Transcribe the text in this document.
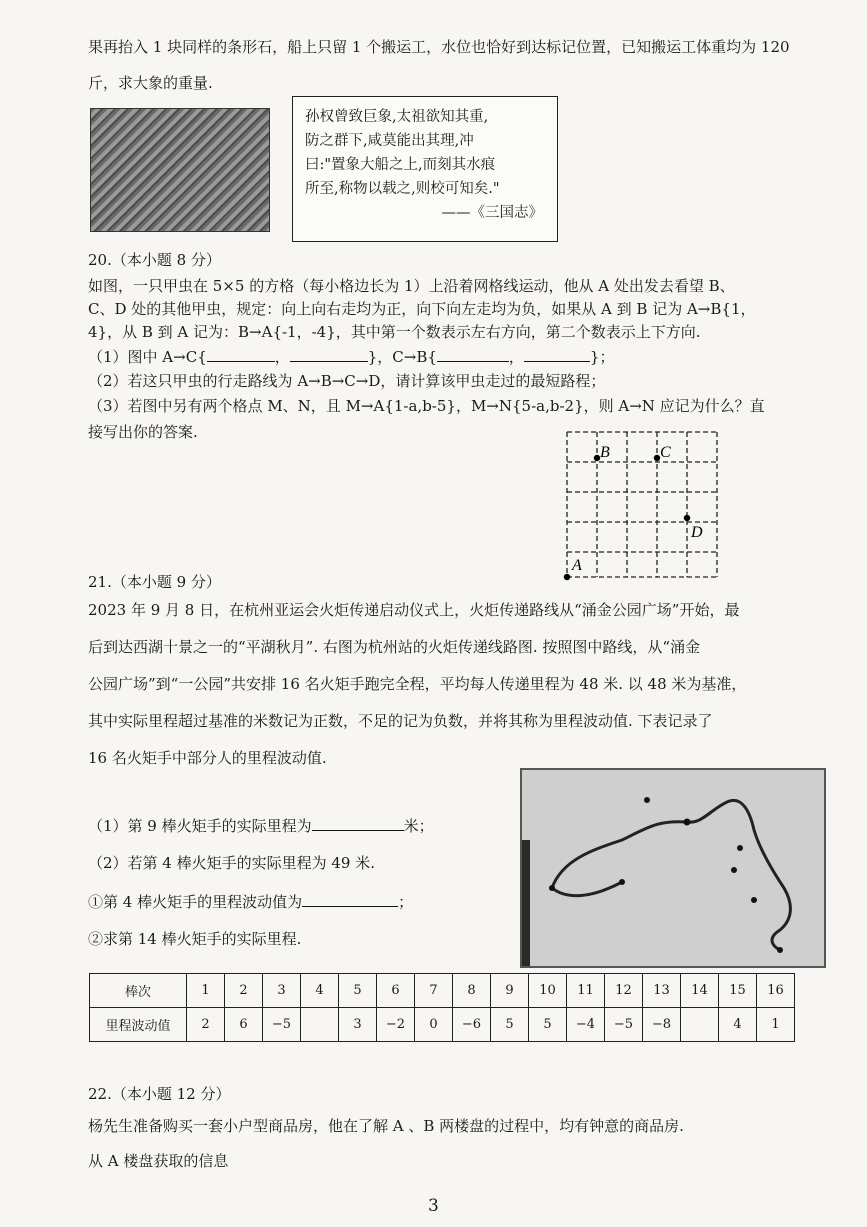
果再抬入 1 块同样的条形石，船上只留 1 个搬运工，水位也恰好到达标记位置，已知搬运工体重均为 120
斤，求大象的重量.
孙权曾致巨象,太祖欲知其重,
防之群下,咸莫能出其理,冲
曰:"置象大船之上,而刻其水痕
所至,称物以载之,则校可知矣."
——《三国志》
20.（本小题 8 分）
如图，一只甲虫在 5×5 的方格（每小格边长为 1）上沿着网格线运动，他从 A 处出发去看望 B、
C、D 处的其他甲虫，规定：向上向右走均为正，向下向左走均为负，如果从 A 到 B 记为 A→B{1，
4}，从 B 到 A 记为：B→A{-1，-4}，其中第一个数表示左右方向，第二个数表示上下方向.
（1）图中 A→C{	，	}，C→B{	，	}；
（2）若这只甲虫的行走路线为 A→B→C→D，请计算该甲虫走过的最短路程；
（3）若图中另有两个格点 M、N，且 M→A{1-a,b-5}，M→N{5-a,b-2}，则 A→N 应记为什么？直
接写出你的答案.
A
B	C
D
21.（本小题 9 分）
2023 年 9 月 8 日，在杭州亚运会火炬传递启动仪式上，火炬传递路线从“涌金公园广场”开始，最
后到达西湖十景之一的“平湖秋月”. 右图为杭州站的火炬传递线路图. 按照图中路线，从“涌金
公园广场”到“一公园”共安排 16 名火矩手跑完全程，平均每人传递里程为 48 米. 以 48 米为基准，
其中实际里程超过基准的米数记为正数，不足的记为负数，并将其称为里程波动值. 下表记录了
16 名火矩手中部分人的里程波动值.
（1）第 9 棒火矩手的实际里程为	米；
（2）若第 4 棒火矩手的实际里程为 49 米.
①第 4 棒火矩手的里程波动值为	；
②求第 14 棒火矩手的实际里程.
棒次	1	2	3	4	5	6	7	8	9	10	11	12	13	14	15	16
里程波动值	2	6	−5		3	−2	0	−6	5	5	−4	−5	−8		4	1
22.（本小题 12 分）
杨先生准备购买一套小户型商品房，他在了解 A 、B 两楼盘的过程中，均有钟意的商品房.
从 A 楼盘获取的信息
3
